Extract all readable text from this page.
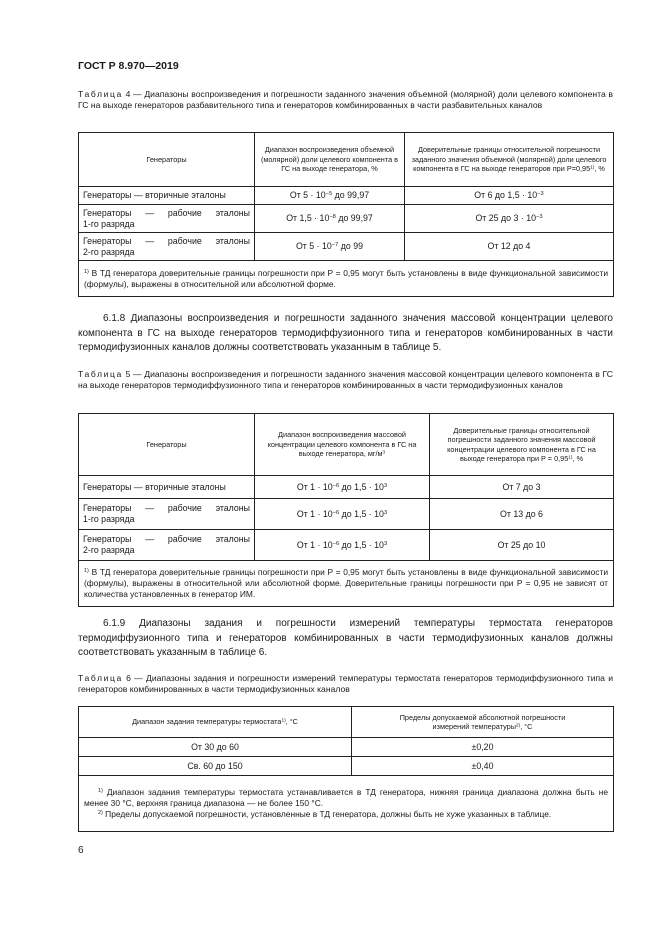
ГОСТ Р 8.970—2019
Таблица 4 — Диапазоны воспроизведения и погрешности заданного значения объемной (молярной) доли целевого компонента в ГС на выходе генераторов разбавительного типа и генераторов комбинированных в части разбавительных каналов
Генераторы	Диапазон воспроизведения объемной (молярной) доли целевого компонента в ГС на выходе генератора, %	Доверительные границы относительной погрешности заданного значения объемной (молярной) доли целевого компонента в ГС на выходе генераторов при $P=0,95^{1)}$, %
Генераторы — вторичные эталоны	От $5 \cdot 10^{-5}$ до 99,97	От 6 до $1,5 \cdot 10^{-3}$

Генераторы — рабочие эталоны
1-го разряда	От $1,5 \cdot 10^{-8}$ до 99,97	От 25 до $3 \cdot 10^{-3}$

Генераторы — рабочие эталоны
2-го разряда	От $5 \cdot 10^{-7}$ до 99	От 12 до 4
$^{1)}$ В ТД генератора доверительные границы погрешности при P = 0,95 могут быть установлены в виде функциональной зависимости (формулы), выражены в относительной или абсолютной форме.		
6.1.8 Диапазоны воспроизведения и погрешности заданного значения массовой концентрации целевого компонента в ГС на выходе генераторов термодиффузионного типа и генераторов комбинированных в части термодифузионных каналов должны соответствовать указанным в таблице 5.
Таблица 5 — Диапазоны воспроизведения и погрешности заданного значения массовой концентрации целевого компонента в ГС на выходе генераторов термодиффузионного типа и генераторов комбинированных в части термодифузионных каналов
Генераторы	Диапазон воспроизведения массовой концентрации целевого компонента в ГС на выходе генератора, $мг/м^3$	Доверительные границы относительной погрешности заданного значения массовой концентрации целевого компонента в ГС на выходе генератора при $P = 0,95^{1)}$, %
Генераторы — вторичные эталоны	От $1 \cdot 10^{-6}$ до $1,5 \cdot 10^3$	От 7 до 3

Генераторы — рабочие эталоны
1-го разряда	От $1 \cdot 10^{-6}$ до $1,5 \cdot 10^3$	От 13 до 6

Генераторы — рабочие эталоны
2-го разряда	От $1 \cdot 10^{-6}$ до $1,5 \cdot 10^3$	От 25 до 10
$^{1)}$ В ТД генератора доверительные границы погрешности при P = 0,95 могут быть установлены в виде функциональной зависимости (формулы), выражены в относительной или абсолютной форме. Доверительные границы погрешности при P = 0,95 не зависят от количества установленных в генератор ИМ.		
6.1.9 Диапазоны задания и погрешности измерений температуры термостата генераторов термодиффузионного типа и генераторов комбинированных в части термодифузионных каналов должны соответствовать указанным в таблице 6.
Таблица 6 — Диапазоны задания и погрешности измерений температуры термостата генераторов термодиффузионного типа и генераторов комбинированных в части термодифузионных каналов
Диапазон задания температуры термостата$^{1)}$, °С	Пределы допускаемой абсолютной погрешности
измерений температуры$^{2)}$, °С
От 30 до 60	±0,20
Св. 60 до 150	±0,40

$^{1)}$ Диапазон задания температуры термостата устанавливается в ТД генератора, нижняя граница диапазона должна быть не менее 30 °С, верхняя граница диапазона — не более 150 °С.
$^{2)}$ Пределы допускаемой погрешности, установленные в ТД генератора, должны быть не хуже указанных в таблице.	
6
